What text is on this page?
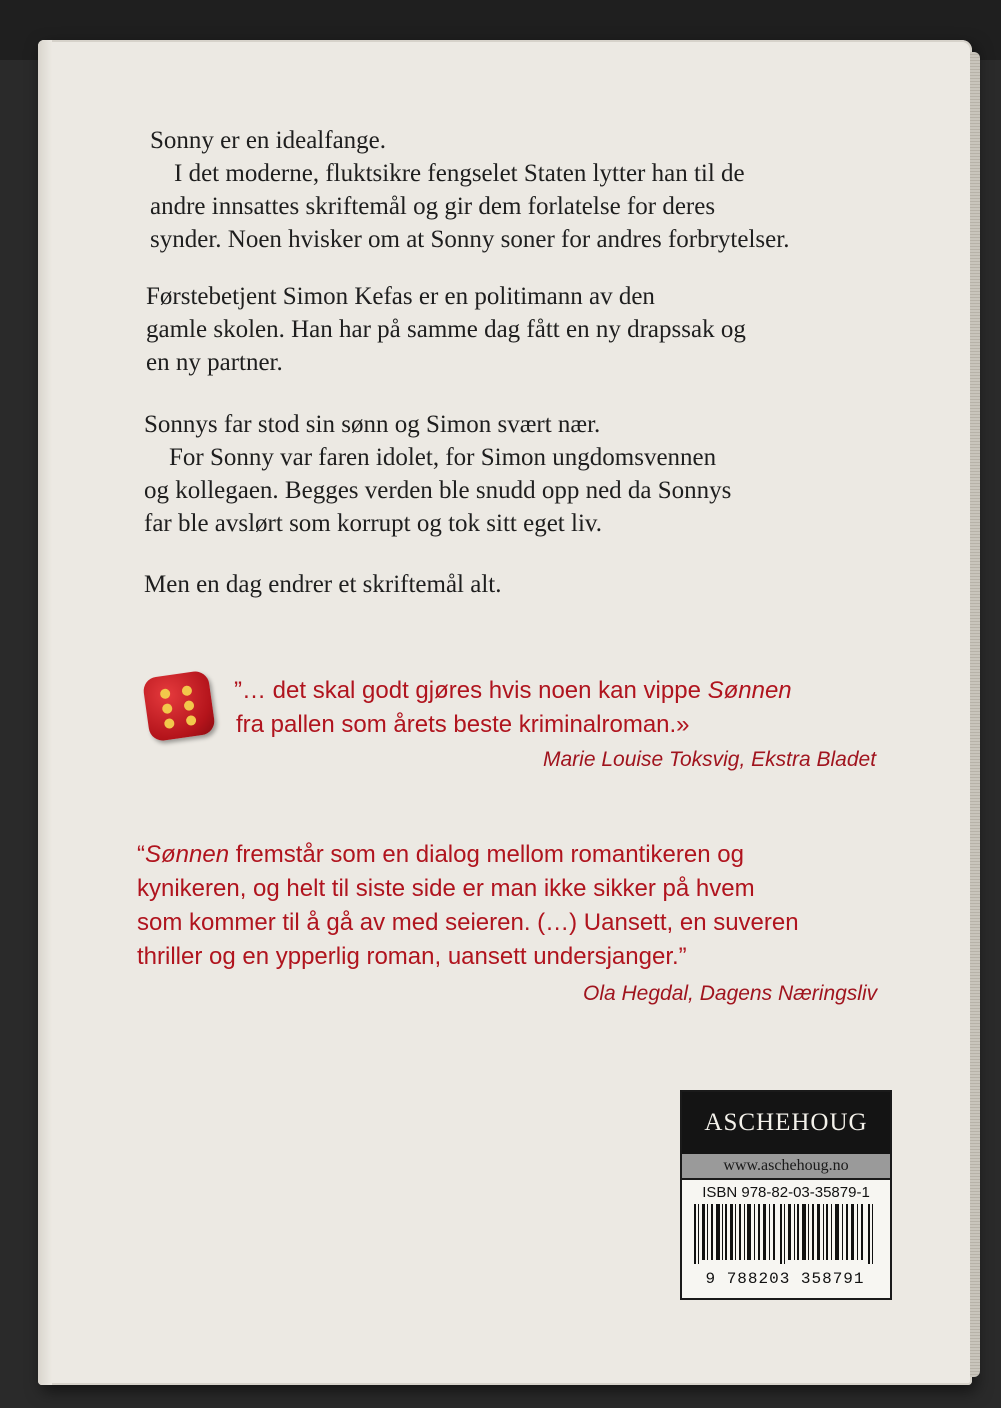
Sonny er en idealfange.

I det moderne, fluktsikre fengselet Staten lytter han til de

andre innsattes skriftemål og gir dem forlatelse for deres

synder. Noen hvisker om at Sonny soner for andres forbrytelser.

Førstebetjent Simon Kefas er en politimann av den

gamle skolen. Han har på samme dag fått en ny drapssak og

en ny partner.

Sonnys far stod sin sønn og Simon svært nær.

For Sonny var faren idolet, for Simon ungdomsvennen

og kollegaen. Begges verden ble snudd opp ned da Sonnys

far ble avslørt som korrupt og tok sitt eget liv.

Men en dag endrer et skriftemål alt.

”… det skal godt gjøres hvis noen kan vippe Sønnen
fra pallen som årets beste kriminalroman.»
Marie Louise Toksvig, Ekstra Bladet
“Sønnen fremstår som en dialog mellom romantikeren og
kynikeren, og helt til siste side er man ikke sikker på hvem
som kommer til å gå av med seieren. (…) Uansett, en suveren
thriller og en ypperlig roman, uansett undersjanger.”
Ola Hegdal, Dagens Næringsliv
ASCHEHOUG
www.aschehoug.no
ISBN 978-82-03-35879-1
9 788203 358791
